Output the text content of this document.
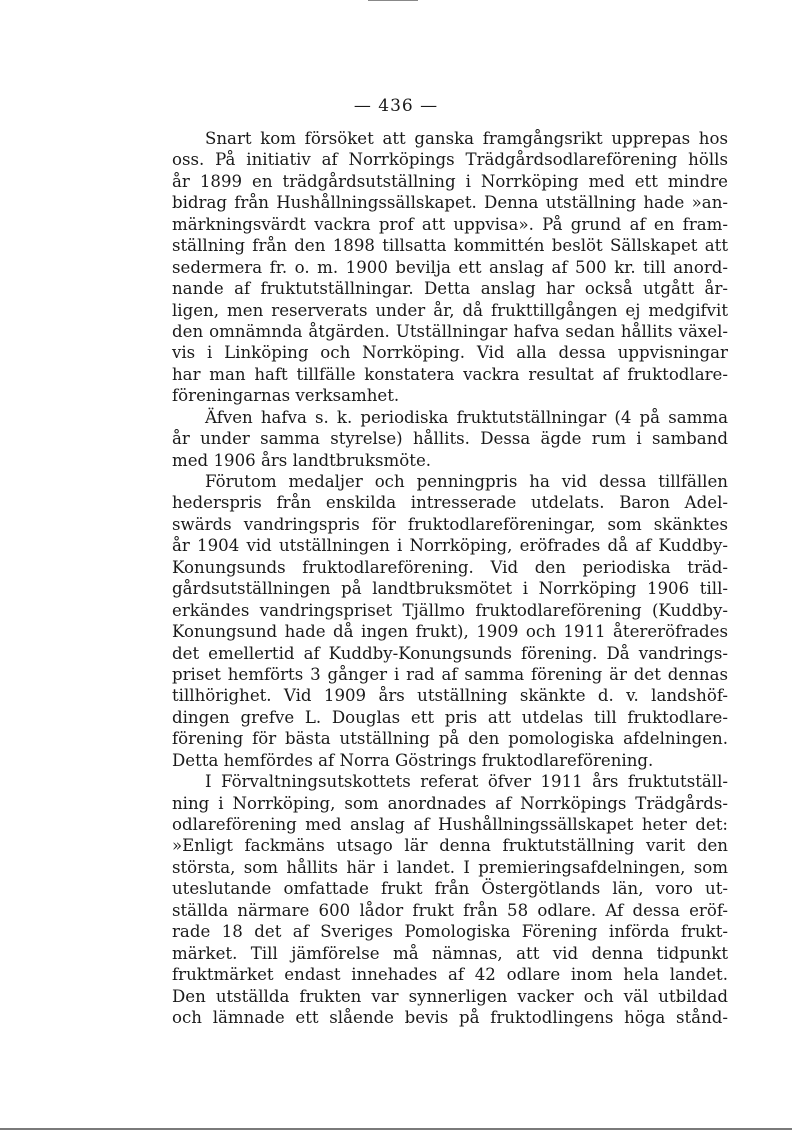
— 436 —
Snart kom försöket att ganska framgångsrikt upprepas hos
oss. På initiativ af Norrköpings Trädgårdsodlareförening hölls
år 1899 en trädgårdsutställning i Norrköping med ett mindre
bidrag från Hushållningssällskapet. Denna utställning hade »an-
märkningsvärdt vackra prof att uppvisa». På grund af en fram-
ställning från den 1898 tillsatta kommittén beslöt Sällskapet att
sedermera fr. o. m. 1900 bevilja ett anslag af 500 kr. till anord-
nande af fruktutställningar. Detta anslag har också utgått år-
ligen, men reserverats under år, då frukttillgången ej medgifvit
den omnämnda åtgärden. Utställningar hafva sedan hållits växel-
vis i Linköping och Norrköping. Vid alla dessa uppvisningar
har man haft tillfälle konstatera vackra resultat af fruktodlare-
föreningarnas verksamhet.
Äfven hafva s. k. periodiska fruktutställningar (4 på samma
år under samma styrelse) hållits. Dessa ägde rum i samband
med 1906 års landtbruksmöte.
Förutom medaljer och penningpris ha vid dessa tillfällen
hederspris från enskilda intresserade utdelats. Baron Adel-
swärds vandringspris för fruktodlareföreningar, som skänktes
år 1904 vid utställningen i Norrköping, eröfrades då af Kuddby-
Konungsunds fruktodlareförening. Vid den periodiska träd-
gårdsutställningen på landtbruksmötet i Norrköping 1906 till-
erkändes vandringspriset Tjällmo fruktodlareförening (Kuddby-
Konungsund hade då ingen frukt), 1909 och 1911 återeröfrades
det emellertid af Kuddby-Konungsunds förening. Då vandrings-
priset hemförts 3 gånger i rad af samma förening är det dennas
tillhörighet. Vid 1909 års utställning skänkte d. v. landshöf-
dingen grefve L. Douglas ett pris att utdelas till fruktodlare-
förening för bästa utställning på den pomologiska afdelningen.
Detta hemfördes af Norra Göstrings fruktodlareförening.
I Förvaltningsutskottets referat öfver 1911 års fruktutställ-
ning i Norrköping, som anordnades af Norrköpings Trädgårds-
odlareförening med anslag af Hushållningssällskapet heter det:
»Enligt fackmäns utsago lär denna fruktutställning varit den
största, som hållits här i landet. I premieringsafdelningen, som
uteslutande omfattade frukt från Östergötlands län, voro ut-
ställda närmare 600 lådor frukt från 58 odlare. Af dessa eröf-
rade 18 det af Sveriges Pomologiska Förening införda frukt-
märket. Till jämförelse må nämnas, att vid denna tidpunkt
fruktmärket endast innehades af 42 odlare inom hela landet.
Den utställda frukten var synnerligen vacker och väl utbildad
och lämnade ett slående bevis på fruktodlingens höga stånd-
